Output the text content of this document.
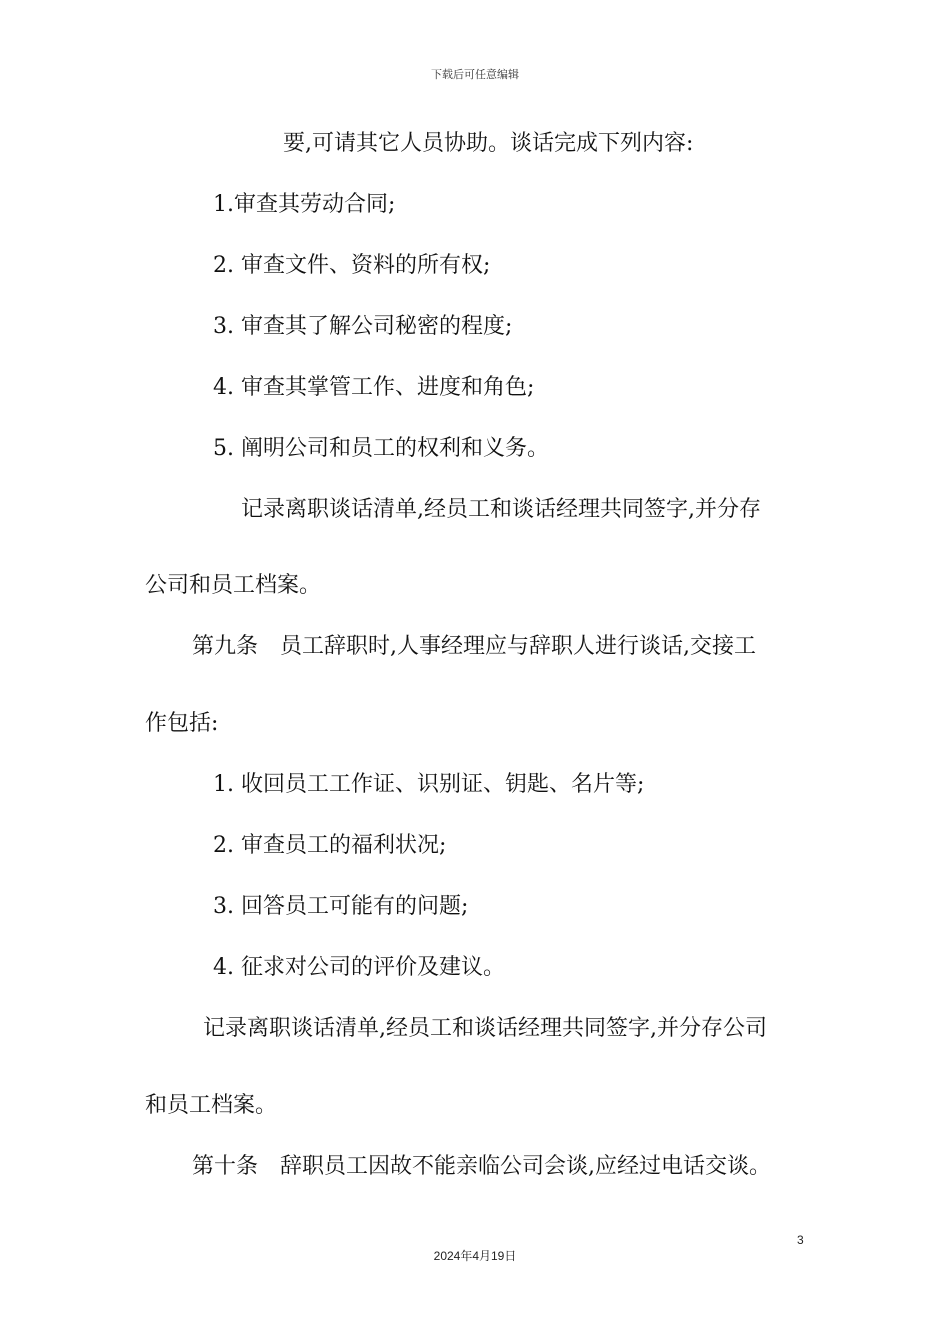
下载后可任意编辑
要,可请其它人员协助。谈话完成下列内容:
1.审查其劳动合同;
2. 审查文件、资料的所有权;
3. 审查其了解公司秘密的程度;
4. 审查其掌管工作、进度和角色;
5. 阐明公司和员工的权利和义务。
记录离职谈话清单,经员工和谈话经理共同签字,并分存
公司和员工档案。
第九条　员工辞职时,人事经理应与辞职人进行谈话,交接工
作包括:
1. 收回员工工作证、识别证、钥匙、名片等;
2. 审查员工的福利状况;
3. 回答员工可能有的问题;
4. 征求对公司的评价及建议。
记录离职谈话清单,经员工和谈话经理共同签字,并分存公司
和员工档案。
第十条　辞职员工因故不能亲临公司会谈,应经过电话交谈。
3
2024年4月19日
